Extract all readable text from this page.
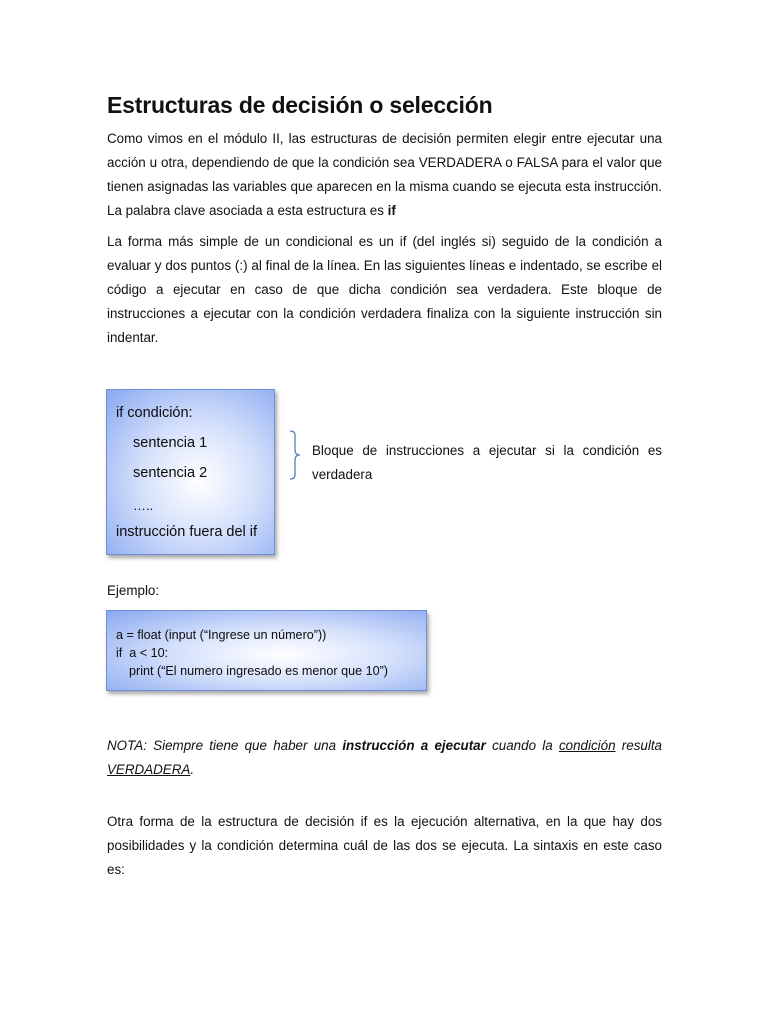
Estructuras de decisión o selección

Como vimos en el módulo II, las estructuras de decisión permiten elegir entre ejecutar una acción u otra, dependiendo de que la condición sea VERDADERA o FALSA para el valor que tienen asignadas las variables que aparecen en la misma cuando se ejecuta esta instrucción. La palabra clave asociada a esta estructura es if

La forma más simple de un condicional es un if (del inglés si) seguido de la condición a evaluar y dos puntos (:) al final de la línea. En las siguientes líneas e indentado, se escribe el código a ejecutar en caso de que dicha condición sea verdadera. Este bloque de instrucciones a ejecutar con la condición verdadera finaliza con la siguiente instrucción sin indentar.

if condición:
sentencia 1
sentencia 2
…..
instrucción fuera del if

Bloque de instrucciones a ejecutar si la condición es verdadera

Ejemplo:

a = float (input (“Ingrese un número”))
if  a < 10:
print (“El numero ingresado es menor que 10”)

NOTA: Siempre tiene que haber una instrucción a ejecutar cuando la condición resulta VERDADERA.

Otra forma de la estructura de decisión if es la ejecución alternativa, en la que hay dos posibilidades y la condición determina cuál de las dos se ejecuta. La sintaxis en este caso es:
